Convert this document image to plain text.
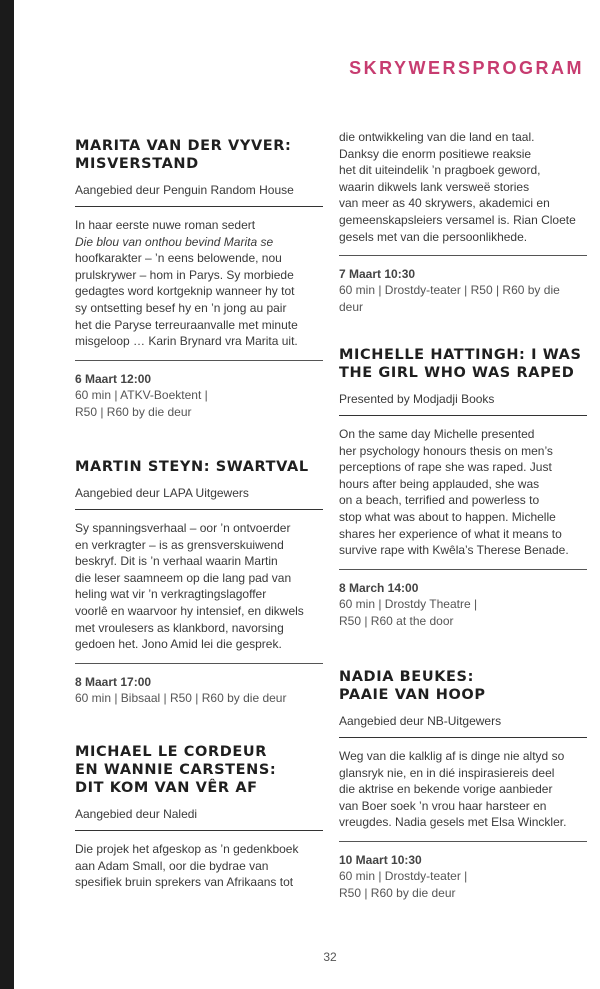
SKRYWERSPROGRAM
MARITA VAN DER VYVER:
MISVERSTAND
Aangebied deur Penguin Random House

In haar eerste nuwe roman sedert

Die blou van onthou bevind Marita se

hoofkarakter – ’n eens belowende, nou

prulskrywer – hom in Parys. Sy morbiede

gedagtes word kortgeknip wanneer hy tot

sy ontsetting besef hy en ’n jong au pair

het die Paryse terreuraanvalle met minute

misgeloop … Karin Brynard vra Marita uit.

6 Maart 12:00
60 min | ATKV-Boektent |
R50 | R60 by die deur
MARTIN STEYN: SWARTVAL
Aangebied deur LAPA Uitgewers

Sy spanningsverhaal – oor ’n ontvoerder

en verkragter – is as grensverskuiwend

beskryf. Dit is ’n verhaal waarin Martin

die leser saamneem op die lang pad van

heling wat vir ’n verkragtingslagoffer

voorlê en waarvoor hy intensief, en dikwels

met vroulesers as klankbord, navorsing

gedoen het. Jono Amid lei die gesprek.

8 Maart 17:00
60 min | Bibsaal | R50 | R60 by die deur
MICHAEL LE CORDEUR
EN WANNIE CARSTENS:
DIT KOM VAN VÊR AF
Aangebied deur Naledi

Die projek het afgeskop as ’n gedenkboek

aan Adam Small, oor die bydrae van

spesifiek bruin sprekers van Afrikaans tot

die ontwikkeling van die land en taal.

Danksy die enorm positiewe reaksie

het dit uiteindelik ’n pragboek geword,

waarin dikwels lank versweë stories

van meer as 40 skrywers, akademici en

gemeenskapsleiers versamel is. Rian Cloete

gesels met van die persoonlikhede.

7 Maart 10:30
60 min | Drostdy-teater | R50 | R60 by die deur
MICHELLE HATTINGH: I WAS
THE GIRL WHO WAS RAPED
Presented by Modjadji Books

On the same day Michelle presented

her psychology honours thesis on men’s

perceptions of rape she was raped. Just

hours after being applauded, she was

on a beach, terrified and powerless to

stop what was about to happen. Michelle

shares her experience of what it means to

survive rape with Kwêla’s Therese Benade.

8 March 14:00
60 min | Drostdy Theatre |
R50 | R60 at the door
NADIA BEUKES:
PAAIE VAN HOOP
Aangebied deur NB-Uitgewers

Weg van die kalklig af is dinge nie altyd so

glansryk nie, en in dié inspirasiereis deel

die aktrise en bekende vorige aanbieder

van Boer soek ’n vrou haar harsteer en

vreugdes. Nadia gesels met Elsa Winckler.

10 Maart 10:30
60 min | Drostdy-teater |
R50 | R60 by die deur
32
